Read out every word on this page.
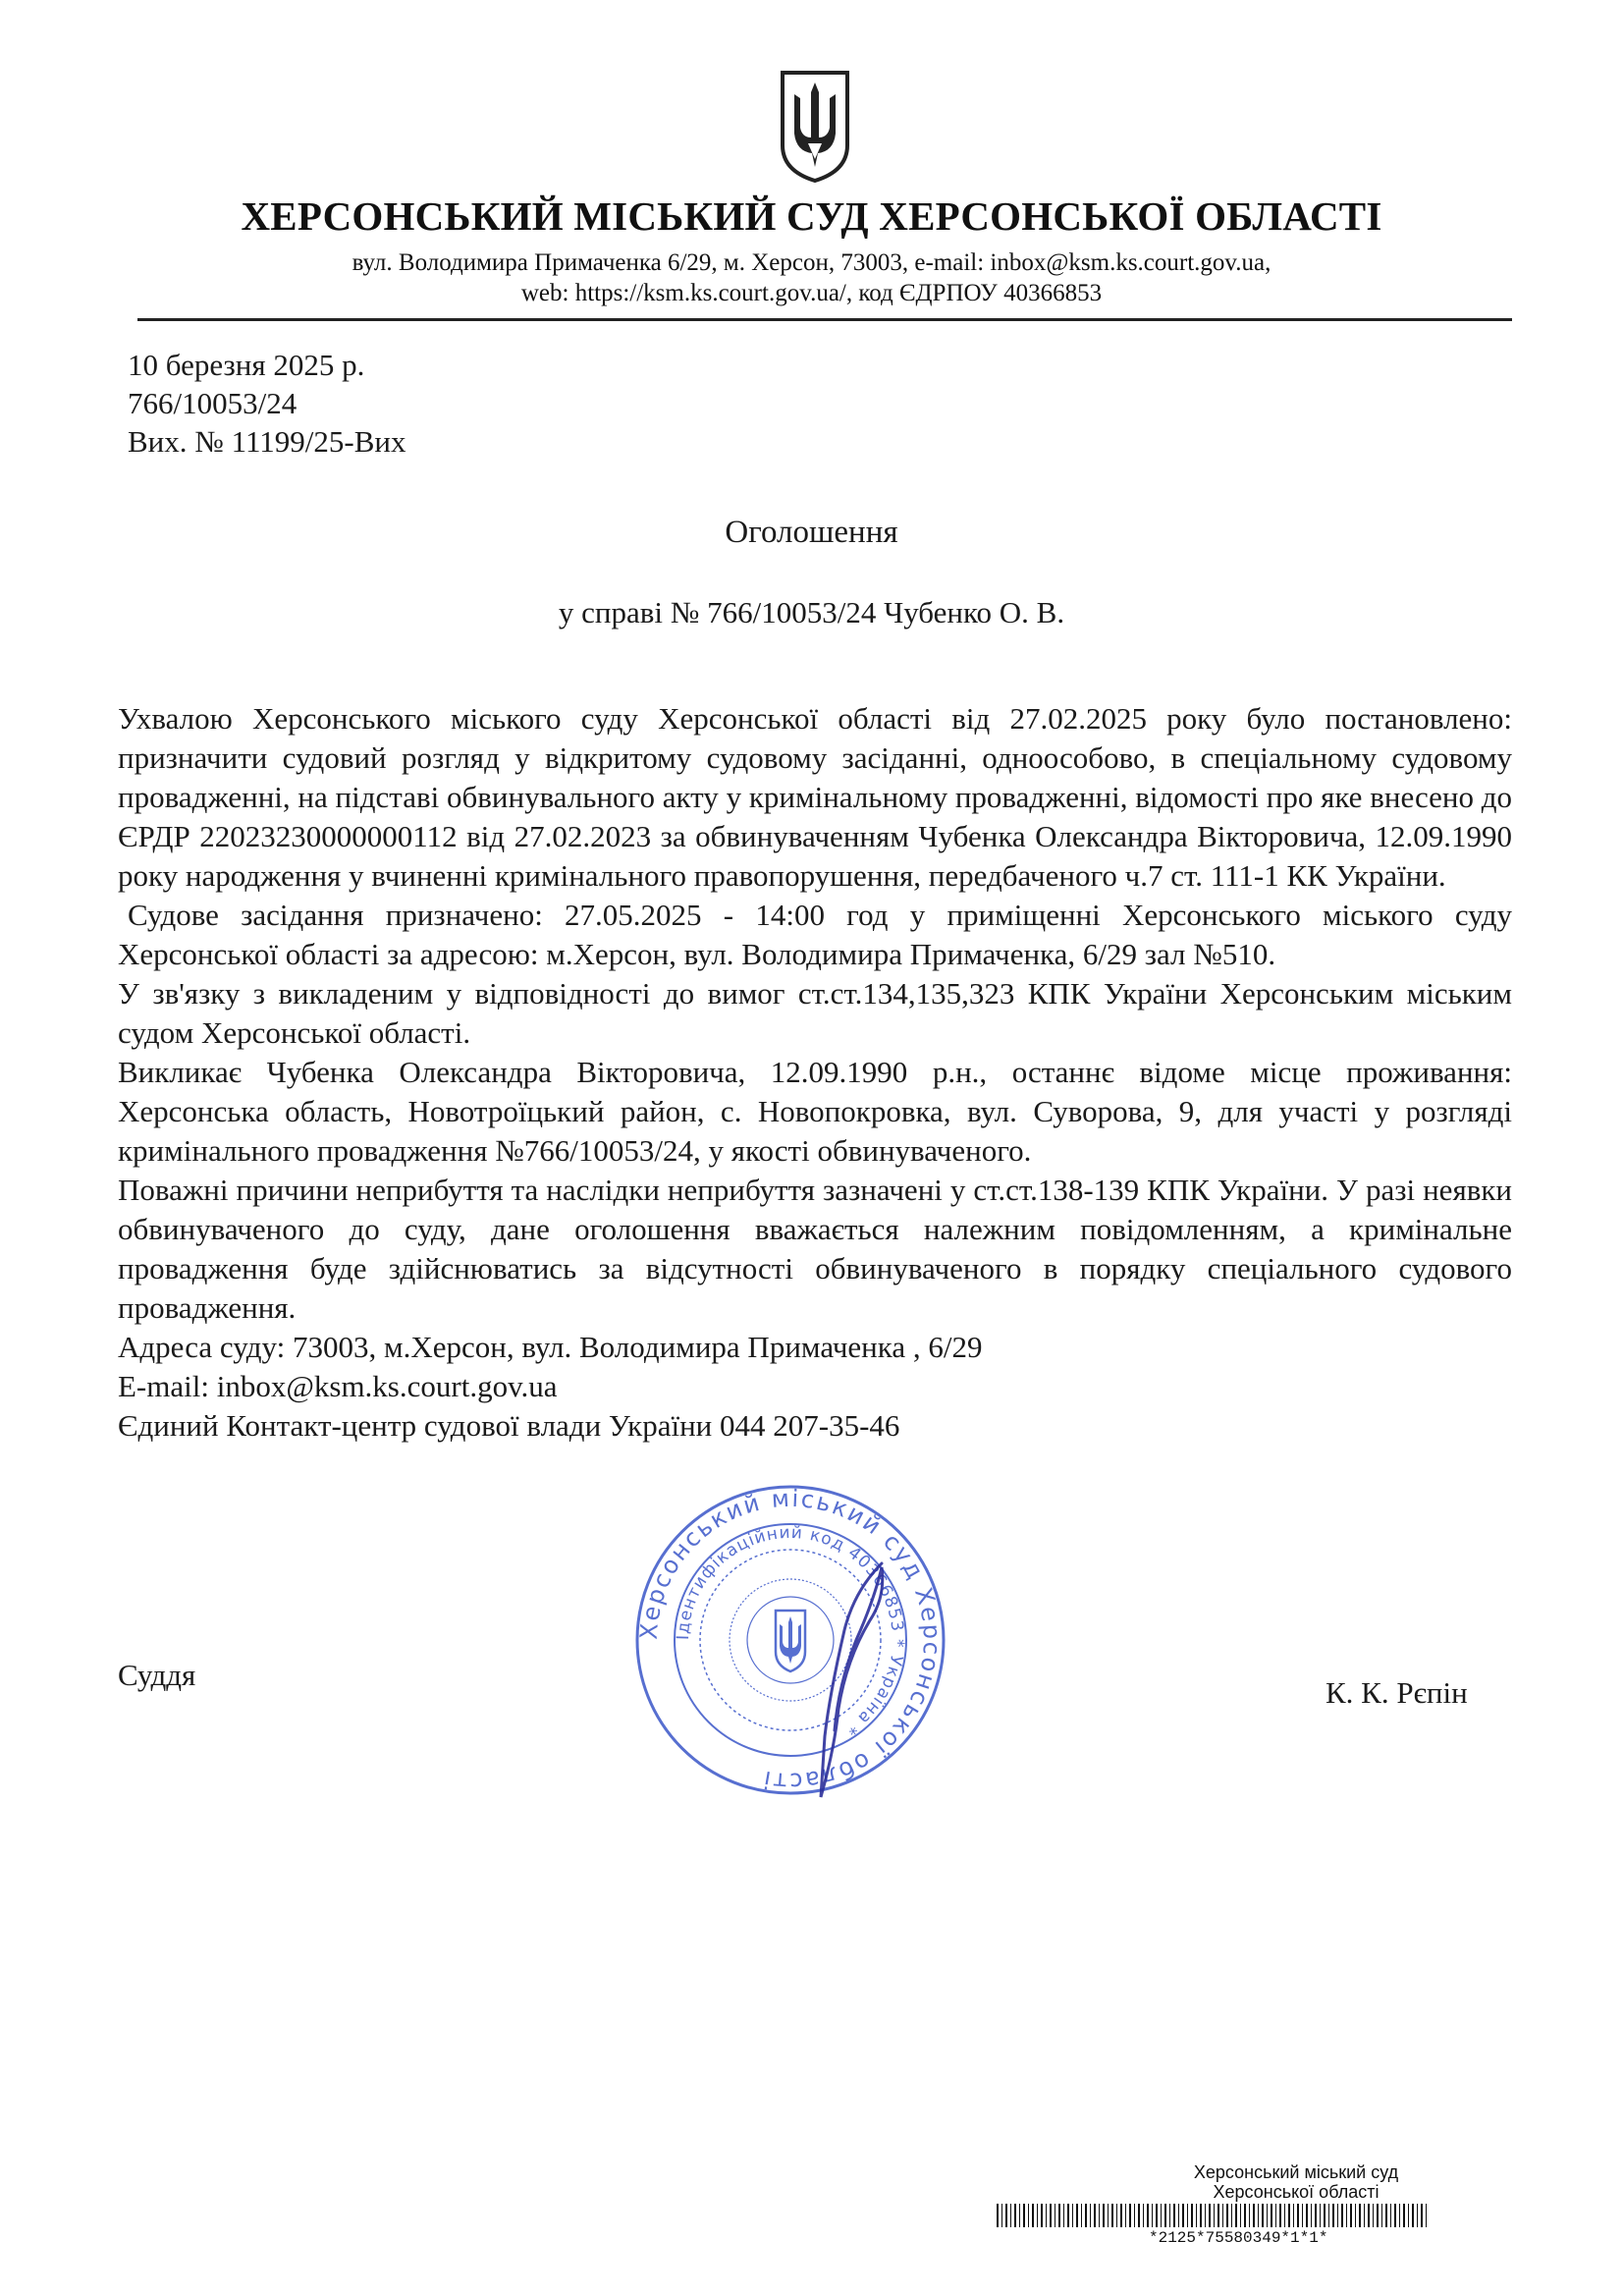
ХЕРСОНСЬКИЙ МІСЬКИЙ СУД ХЕРСОНСЬКОЇ ОБЛАСТІ
вул. Володимира Примаченка 6/29, м. Херсон, 73003, e-mail: inbox@ksm.ks.court.gov.ua,
web: https://ksm.ks.court.gov.ua/, код ЄДРПОУ 40366853
10 березня 2025 р.
766/10053/24
Вих. № 11199/25-Вих
Оголошення
у справі № 766/10053/24 Чубенко О. В.

Ухвалою Херсонського міського суду Херсонської області від 27.02.2025 року було постановлено: призначити судовий розгляд у відкритому судовому засіданні, одноособово, в спеціальному судовому провадженні, на підставі обвинувального акту у кримінальному провадженні, відомості про яке внесено до ЄРДР 22023230000000112 від 27.02.2023 за обвинуваченням Чубенка Олександра Вікторовича, 12.09.1990 року народження у вчиненні кримінального правопорушення, передбаченого ч.7 ст. 111-1 КК України.

Судове засідання призначено: 27.05.2025 - 14:00 год у приміщенні Херсонського міського суду Херсонської області за адресою: м.Херсон, вул. Володимира Примаченка, 6/29 зал №510.

У зв'язку з викладеним у відповідності до вимог ст.ст.134,135,323 КПК України Херсонським міським судом Херсонської області.

Викликає Чубенка Олександра Вікторовича, 12.09.1990 р.н., останнє відоме місце проживання: Херсонська область, Новотроїцький район, с. Новопокровка, вул. Суворова, 9, для участі у розгляді кримінального провадження №766/10053/24, у якості обвинуваченого.

Поважні причини неприбуття та наслідки неприбуття зазначені у ст.ст.138-139 КПК України. У разі неявки обвинуваченого до суду, дане оголошення вважається належним повідомленням, а кримінальне провадження буде здійснюватись за відсутності обвинуваченого в порядку спеціального судового провадження.

Адреса суду: 73003, м.Херсон, вул. Володимира Примаченка , 6/29

E-mail: inbox@ksm.ks.court.gov.ua

Єдиний Контакт-центр судової влади України 044 207-35-46

Суддя
К. К. Рєпін
Херсонський міський суд Херсонської області
Ідентифікаційний код 40366853 * Україна *
Херсонський міський суд
Херсонської області
*2125*75580349*1*1*
